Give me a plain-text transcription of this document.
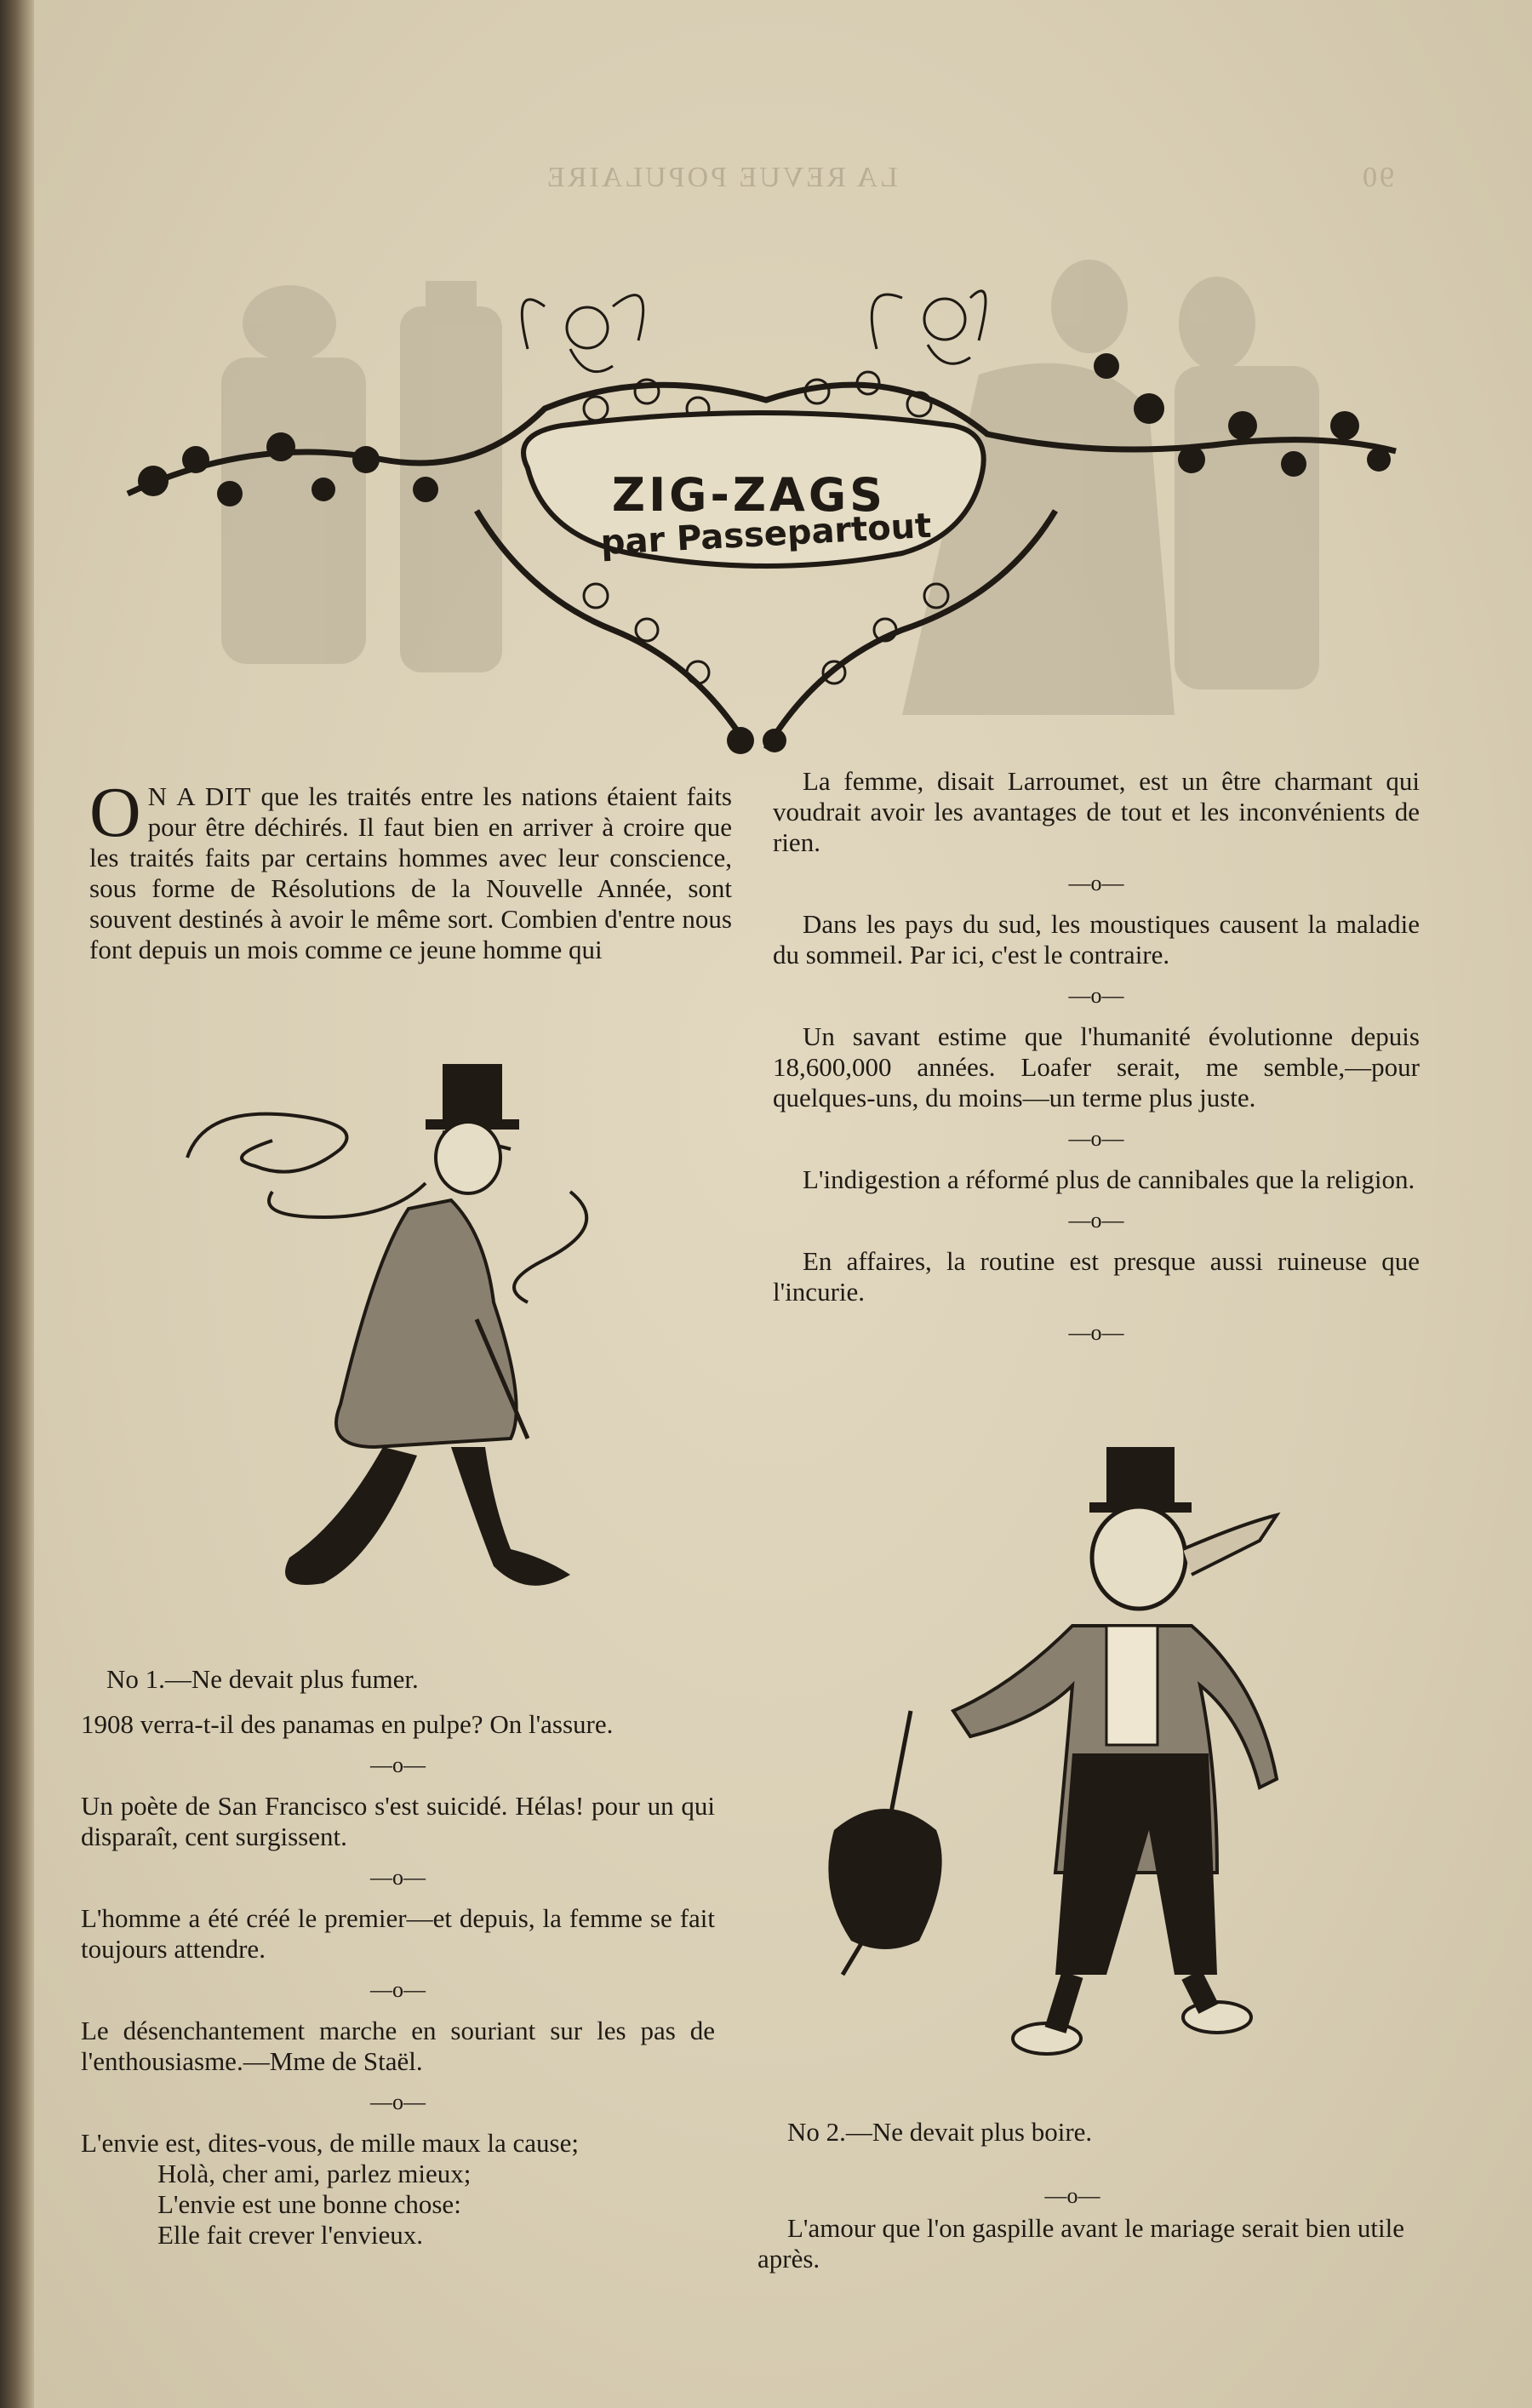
LA REVUE POPULAIRE	90
ZIG-ZAGS
par Passepartout

O N A DIT que les traités entre les nations étaient faits pour être déchirés. Il faut bien en arriver à croire que les traités faits par certains hommes avec leur conscience, sous forme de Résolutions de la Nouvelle Année, sont souvent destinés à avoir le même sort. Combien d'entre nous font depuis un mois comme ce jeune homme qui

No 1.—Ne devait plus fumer.

1908 verra-t-il des panamas en pulpe? On l'assure.

—o—

Un poète de San Francisco s'est suicidé. Hélas! pour un qui disparaît, cent surgissent.

—o—

L'homme a été créé le premier—et depuis, la femme se fait toujours attendre.

—o—

Le désenchantement marche en souriant sur les pas de l'enthousiasme.—Mme de Staël.

—o—
L'envie est, dites-vous, de mille maux la cause;
Holà, cher ami, parlez mieux;
L'envie est une bonne chose:
Elle fait crever l'envieux.

La femme, disait Larroumet, est un être charmant qui voudrait avoir les avantages de tout et les inconvénients de rien.

—o—

Dans les pays du sud, les moustiques causent la maladie du sommeil. Par ici, c'est le contraire.

—o—

Un savant estime que l'humanité évolutionne depuis 18,600,000 années. Loafer serait, me semble,—pour quelques-uns, du moins—un terme plus juste.

—o—

L'indigestion a réformé plus de cannibales que la religion.

—o—

En affaires, la routine est presque aussi ruineuse que l'incurie.

—o—
No 2.—Ne devait plus boire.
—o—
L'amour que l'on gaspille avant le mariage serait bien utile après.
